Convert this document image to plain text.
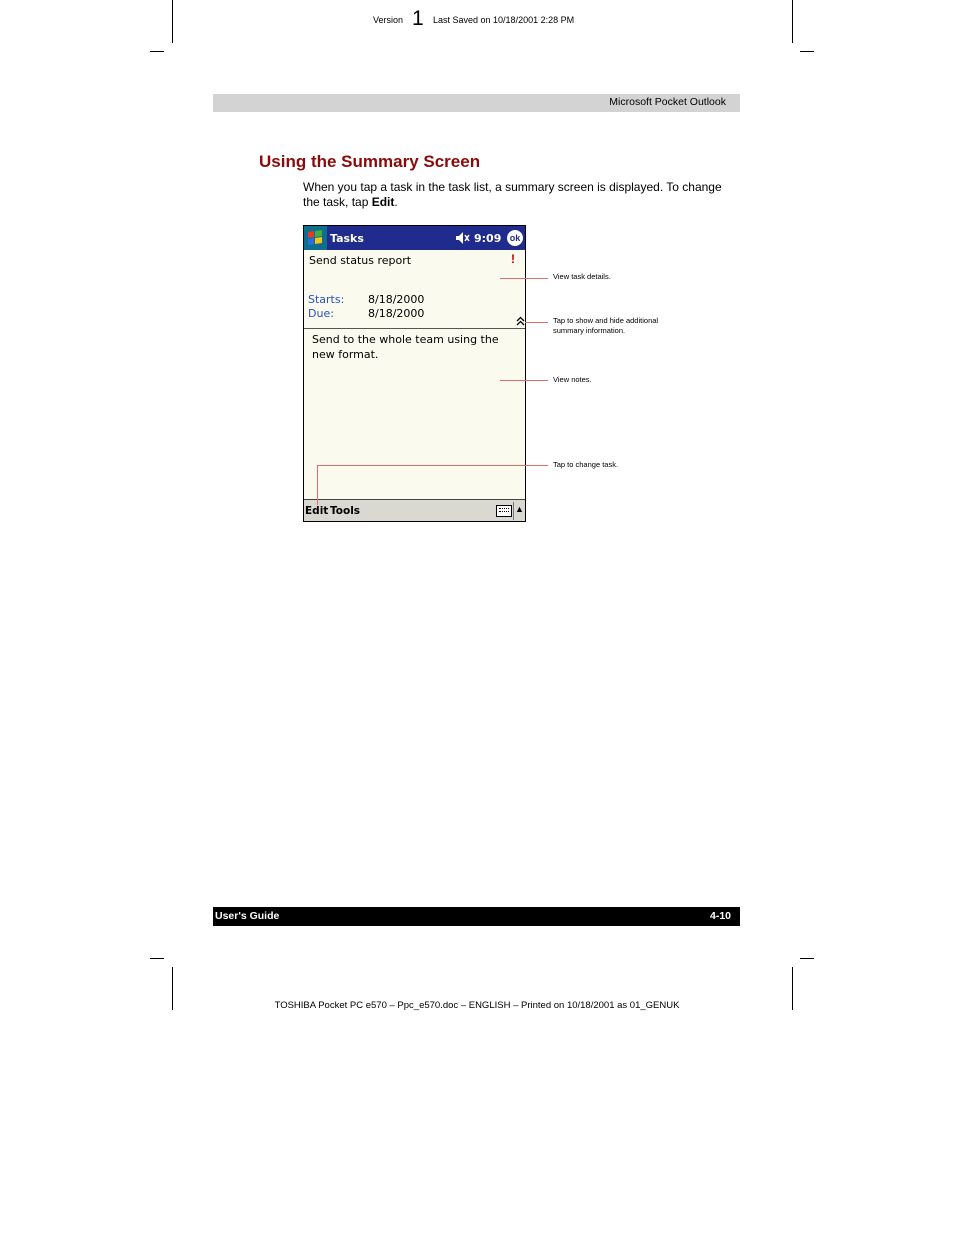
Version 1 Last Saved on 10/18/2001 2:28 PM
Microsoft Pocket Outlook
Using the Summary Screen
When you tap a task in the task list, a summary screen is displayed. To change the task, tap Edit.
Tasks	9:09 ok
Send status report	!
Starts: 8/18/2000
Due:	8/18/2000
Send to the whole team using the new format.
Edit Tools	▲
View task details.
Tap to show and hide additional summary information.
View notes.
Tap to change task.
User's Guide	4-10
TOSHIBA Pocket PC e570 – Ppc_e570.doc – ENGLISH – Printed on 10/18/2001 as 01_GENUK
